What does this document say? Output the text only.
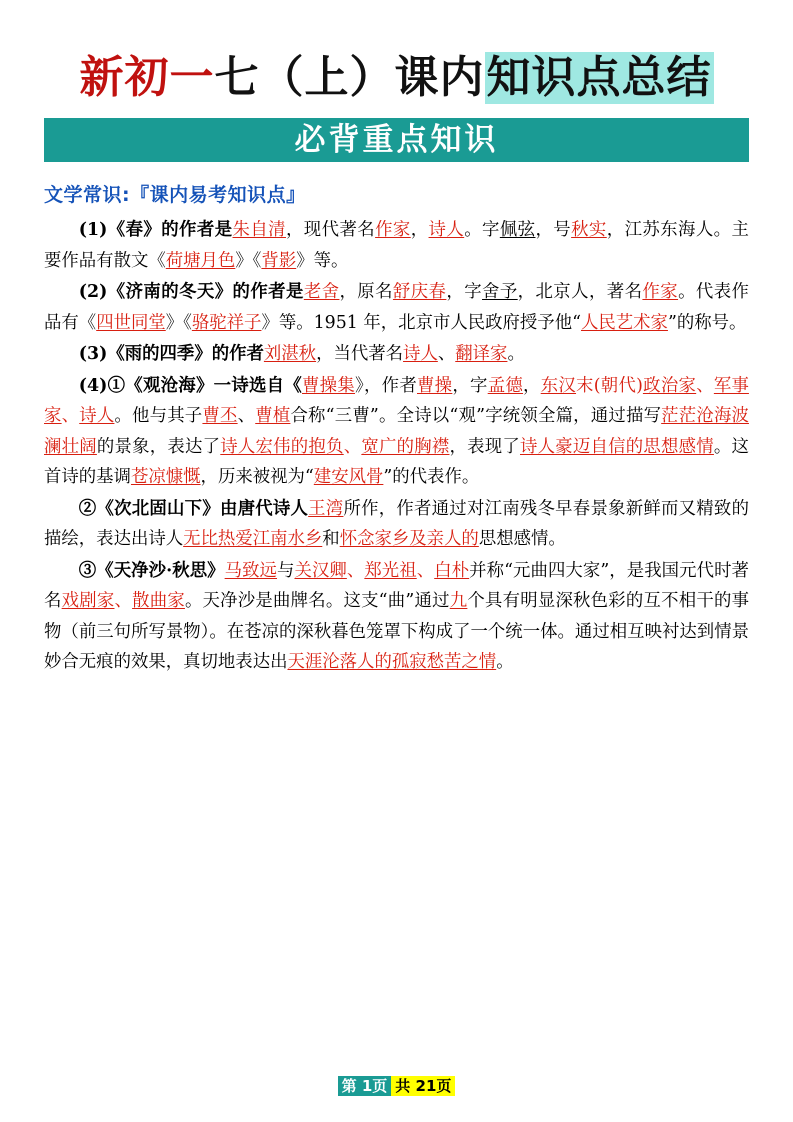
新初一 七（上）课内 知识点总结
必背重点知识
文学常识:『课内易考知识点』

(1)《春》的作者是朱自清，现代著名作家，诗人。字佩弦，号秋实，江苏东海人。主要作品有散文《荷塘月色》《背影》等。

(2)《济南的冬天》的作者是老舍，原名舒庆春，字舍予，北京人，著名作家。代表作品有《四世同堂》《骆驼祥子》等。1951 年，北京市人民政府授予他“人民艺术家”的称号。

(3)《雨的四季》的作者刘湛秋，当代著名诗人、翻译家。

(4)①《观沧海》一诗选自《曹操集》，作者曹操，字孟德，东汉末(朝代)政治家、军事家、诗人。他与其子曹丕、曹植合称“三曹”。全诗以“观”字统领全篇，通过描写茫茫沧海波澜壮阔的景象，表达了诗人宏伟的抱负、宽广的胸襟，表现了诗人豪迈自信的思想感情。这首诗的基调苍凉慷慨，历来被视为“建安风骨”的代表作。

②《次北固山下》由唐代诗人王湾所作，作者通过对江南残冬早春景象新鲜而又精致的描绘，表达出诗人无比热爱江南水乡和怀念家乡及亲人的思想感情。

③《天净沙·秋思》马致远与关汉卿、郑光祖、白朴并称“元曲四大家”，是我国元代时著名戏剧家、散曲家。天净沙是曲牌名。这支“曲”通过九个具有明显深秋色彩的互不相干的事物（前三句所写景物）。在苍凉的深秋暮色笼罩下构成了一个统一体。通过相互映衬达到情景妙合无痕的效果，真切地表达出天涯沦落人的孤寂愁苦之情。

第 1页 共 21页
